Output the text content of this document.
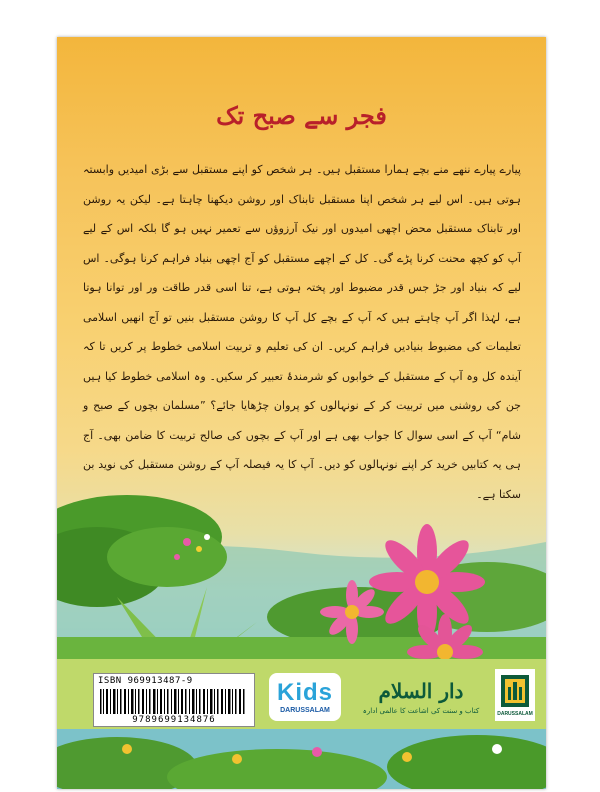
فجر سے صبح تک

پیارے پیارے ننھے منے بچے ہمارا مستقبل ہیں۔ ہر شخص کو اپنے مستقبل سے بڑی امیدیں وابستہ ہوتی ہیں۔ اس لیے ہر شخص اپنا مستقبل تابناک اور روشن دیکھنا چاہتا ہے۔ لیکن یہ روشن اور تابناک مستقبل محض اچھی امیدوں اور نیک آرزوؤں سے تعمیر نہیں ہو گا بلکہ اس کے لیے آپ کو کچھ محنت کرنا پڑے گی۔ کل کے اچھے مستقبل کو آج اچھی بنیاد فراہم کرنا ہوگی۔ اس لیے کہ بنیاد اور جڑ جس قدر مضبوط اور پختہ ہوتی ہے، تنا اسی قدر طاقت ور اور توانا ہوتا ہے، لہٰذا اگر آپ چاہتے ہیں کہ آپ کے بچے کل آپ کا روشن مستقبل بنیں تو آج انھیں اسلامی تعلیمات کی مضبوط بنیادیں فراہم کریں۔ ان کی تعلیم و تربیت اسلامی خطوط پر کریں تا کہ آیندہ کل وہ آپ کے مستقبل کے خوابوں کو شرمندۂ تعبیر کر سکیں۔ وہ اسلامی خطوط کیا ہیں جن کی روشنی میں تربیت کر کے نونہالوں کو پروان چڑھایا جائے؟ ”مسلمان بچوں کے صبح و شام“ آپ کے اسی سوال کا جواب بھی ہے اور آپ کے بچوں کی صالح تربیت کا ضامن بھی۔ آج ہی یہ کتابیں خرید کر اپنے نونہالوں کو دیں۔ آپ کا یہ فیصلہ آپ کے روشن مستقبل کی نوید بن سکتا ہے۔

ISBN 969913487-9
9789699134876
Kids
DARUSSALAM
دار السلام
کتاب و سنت کی اشاعت کا عالمی ادارہ	DARUSSALAM
